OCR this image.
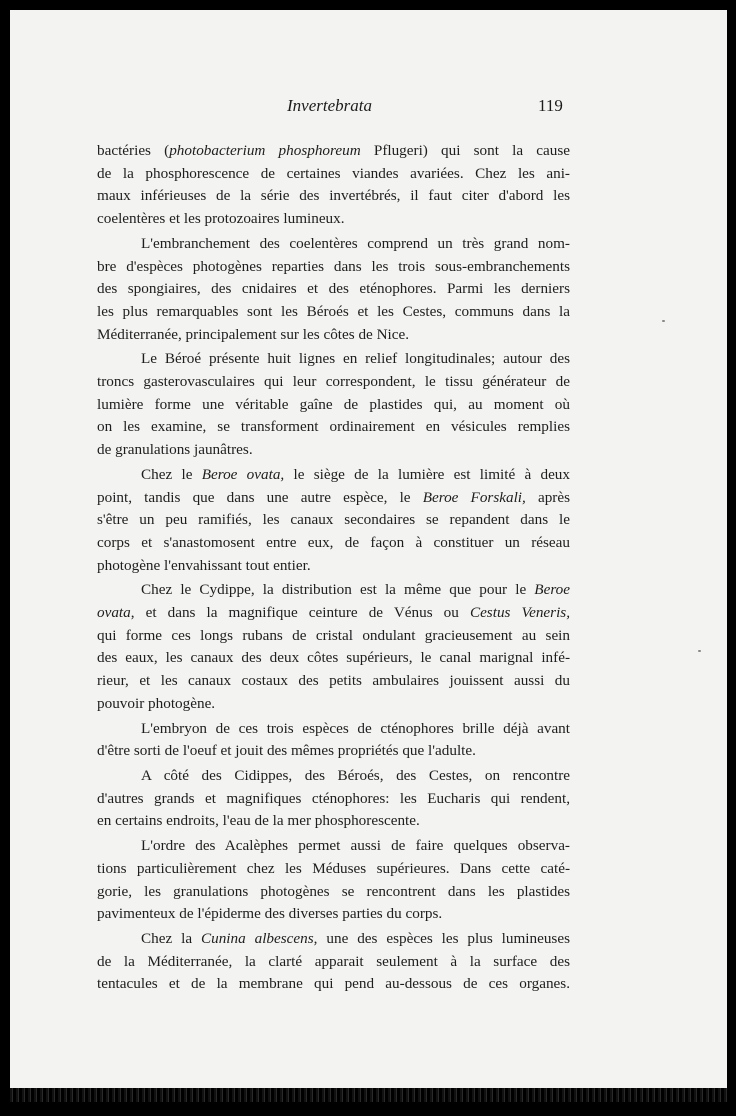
Invertebrata	119

bactéries (photobacterium phosphoreum Pflugeri) qui sont la cause

de la phosphorescence de certaines viandes avariées. Chez les ani-

maux inférieuses de la série des invertébrés, il faut citer d'abord les

coelentères et les protozoaires lumineux.

L'embranchement des coelentères comprend un très grand nom-

bre d'espèces photogènes reparties dans les trois sous-embranchements

des spongiaires, des cnidaires et des eténophores. Parmi les derniers

les plus remarquables sont les Béroés et les Cestes, communs dans la

Méditerranée, principalement sur les côtes de Nice.

Le Béroé présente huit lignes en relief longitudinales; autour des

troncs gasterovasculaires qui leur correspondent, le tissu générateur de

lumière forme une véritable gaîne de plastides qui, au moment où

on les examine, se transforment ordinairement en vésicules remplies

de granulations jaunâtres.

Chez le Beroe ovata, le siège de la lumière est limité à deux

point, tandis que dans une autre espèce, le Beroe Forskali, après

s'être un peu ramifiés, les canaux secondaires se repandent dans le

corps et s'anastomosent entre eux, de façon à constituer un réseau

photogène l'envahissant tout entier.

Chez le Cydippe, la distribution est la même que pour le Beroe

ovata, et dans la magnifique ceinture de Vénus ou Cestus Veneris,

qui forme ces longs rubans de cristal ondulant gracieusement au sein

des eaux, les canaux des deux côtes supérieurs, le canal marignal infé-

rieur, et les canaux costaux des petits ambulaires jouissent aussi du

pouvoir photogène.

L'embryon de ces trois espèces de cténophores brille déjà avant

d'être sorti de l'oeuf et jouit des mêmes propriétés que l'adulte.

A côté des Cidippes, des Béroés, des Cestes, on rencontre

d'autres grands et magnifiques cténophores: les Eucharis qui rendent,

en certains endroits, l'eau de la mer phosphorescente.

L'ordre des Acalèphes permet aussi de faire quelques observa-

tions particulièrement chez les Méduses supérieures. Dans cette caté-

gorie, les granulations photogènes se rencontrent dans les plastides

pavimenteux de l'épiderme des diverses parties du corps.

Chez la Cunina albescens, une des espèces les plus lumineuses

de la Méditerranée, la clarté apparait seulement à la surface des

tentacules et de la membrane qui pend au-dessous de ces organes.
